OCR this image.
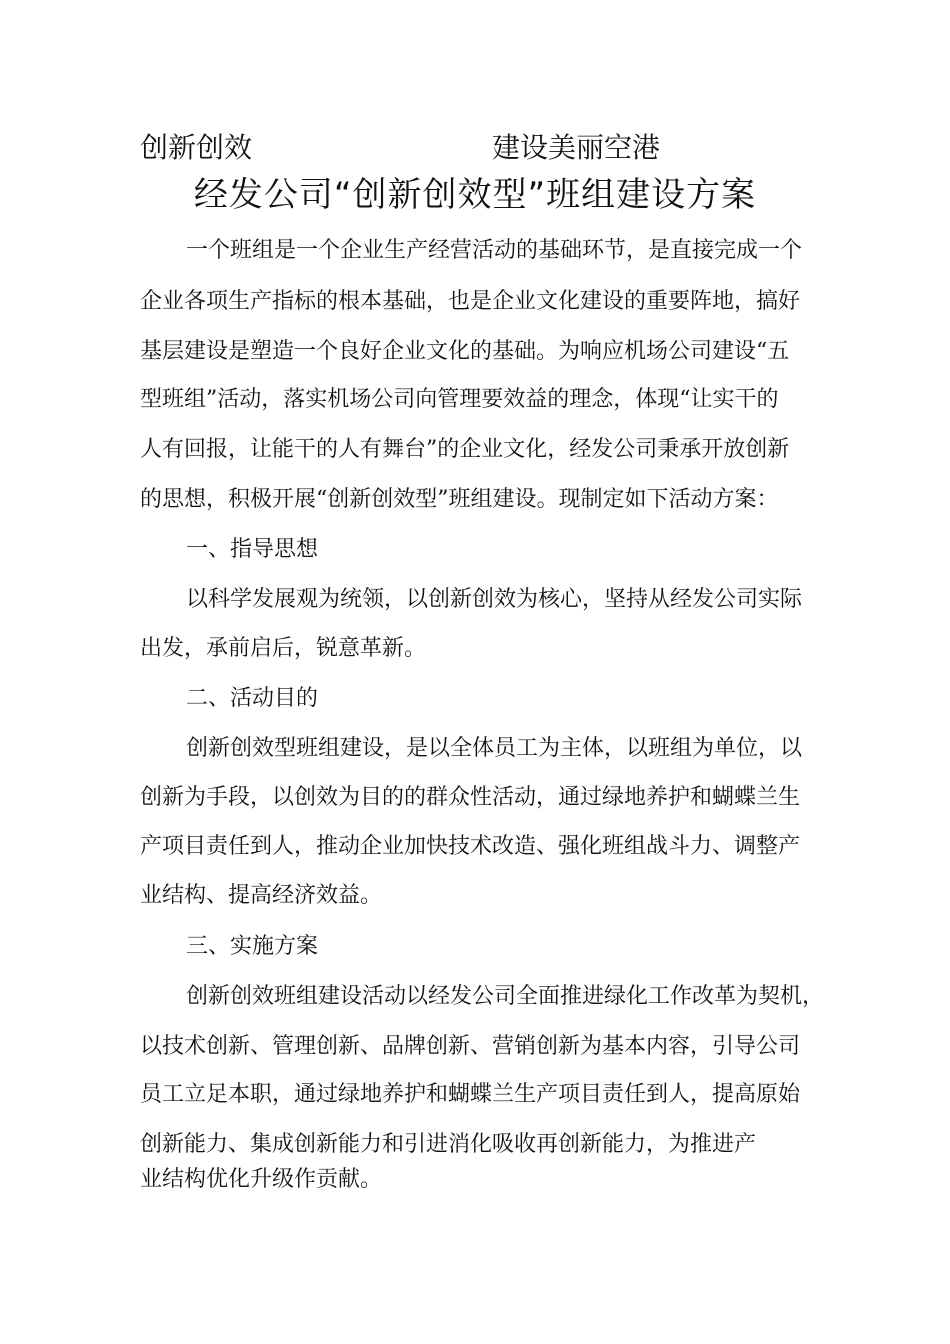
创新创效	建设美丽空港
经发公司“创新创效型”班组建设方案
一个班组是一个企业生产经营活动的基础环节，是直接完成一个
企业各项生产指标的根本基础，也是企业文化建设的重要阵地，搞好
基层建设是塑造一个良好企业文化的基础。为响应机场公司建设“五
型班组”活动，落实机场公司向管理要效益的理念，体现“让实干的
人有回报，让能干的人有舞台”的企业文化，经发公司秉承开放创新
的思想，积极开展“创新创效型”班组建设。现制定如下活动方案：
一、指导思想
以科学发展观为统领，以创新创效为核心，坚持从经发公司实际
出发，承前启后，锐意革新。
二、活动目的
创新创效型班组建设，是以全体员工为主体，以班组为单位，以
创新为手段，以创效为目的的群众性活动，通过绿地养护和蝴蝶兰生
产项目责任到人，推动企业加快技术改造、强化班组战斗力、调整产
业结构、提高经济效益。
三、实施方案
创新创效班组建设活动以经发公司全面推进绿化工作改革为契机，
以技术创新、管理创新、品牌创新、营销创新为基本内容，引导公司
员工立足本职，通过绿地养护和蝴蝶兰生产项目责任到人，提高原始
创新能力、集成创新能力和引进消化吸收再创新能力，为推进产
业结构优化升级作贡献。
